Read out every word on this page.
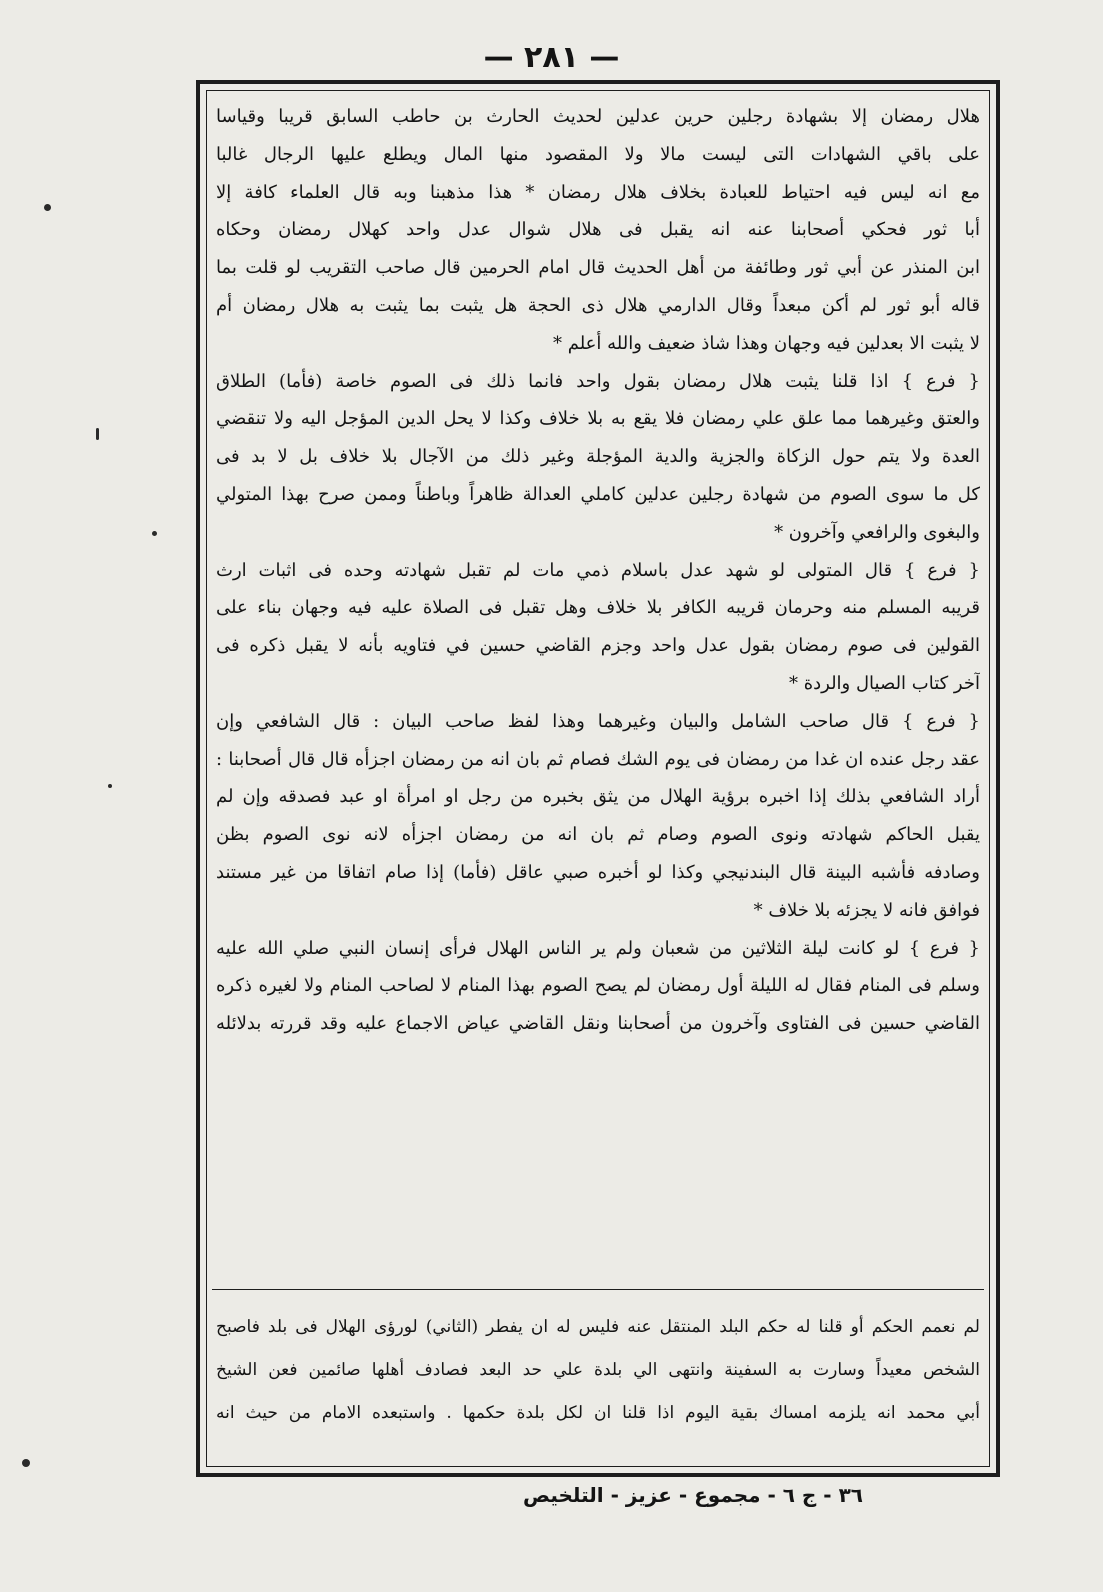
— ٢٨١ —
هلال رمضان إلا بشهادة رجلين حرين عدلين لحديث الحارث بن حاطب السابق قريبا وقياسا
على باقي الشهادات التى ليست مالا ولا المقصود منها المال ويطلع عليها الرجال غالبا
مع انه ليس فيه احتياط للعبادة بخلاف هلال رمضان * هذا مذهبنا وبه قال العلماء كافة إلا
أبا ثور فحكي أصحابنا عنه انه يقبل فى هلال شوال عدل واحد كهلال رمضان وحكاه
ابن المنذر عن أبي ثور وطائفة من أهل الحديث قال امام الحرمين قال صاحب التقريب لو قلت بما
قاله أبو ثور لم أكن مبعداً وقال الدارمي هلال ذى الحجة هل يثبت بما يثبت به هلال رمضان أم
لا يثبت الا بعدلين فيه وجهان وهذا شاذ ضعيف والله أعلم *
{ فرع } اذا قلنا يثبت هلال رمضان بقول واحد فانما ذلك فى الصوم خاصة (فأما) الطلاق
والعتق وغيرهما مما علق علي رمضان فلا يقع به بلا خلاف وكذا لا يحل الدين المؤجل اليه ولا تنقضي
العدة ولا يتم حول الزكاة والجزية والدية المؤجلة وغير ذلك من الآجال بلا خلاف بل لا بد فى
كل ما سوى الصوم من شهادة رجلين عدلين كاملي العدالة ظاهراً وباطناً وممن صرح بهذا المتولي
والبغوى والرافعي وآخرون *
{ فرع } قال المتولى لو شهد عدل باسلام ذمي مات لم تقبل شهادته وحده فى اثبات ارث
قريبه المسلم منه وحرمان قريبه الكافر بلا خلاف وهل تقبل فى الصلاة عليه فيه وجهان بناء على
القولين فى صوم رمضان بقول عدل واحد وجزم القاضي حسين في فتاويه بأنه لا يقبل ذكره فى
آخر كتاب الصيال والردة *
{ فرع } قال صاحب الشامل والبيان وغيرهما وهذا لفظ صاحب البيان : قال الشافعي وإن
عقد رجل عنده ان غدا من رمضان فى يوم الشك فصام ثم بان انه من رمضان اجزأه قال قال أصحابنا :
أراد الشافعي بذلك إذا اخبره برؤية الهلال من يثق بخبره من رجل او امرأة او عبد فصدقه وإن لم
يقبل الحاكم شهادته ونوى الصوم وصام ثم بان انه من رمضان اجزأه لانه نوى الصوم بظن
وصادفه فأشبه البينة قال البندنيجي وكذا لو أخبره صبي عاقل (فأما) إذا صام اتفاقا من غير مستند
فوافق فانه لا يجزئه بلا خلاف *
{ فرع } لو كانت ليلة الثلاثين من شعبان ولم ير الناس الهلال فرأى إنسان النبي صلي الله عليه
وسلم فى المنام فقال له الليلة أول رمضان لم يصح الصوم بهذا المنام لا لصاحب المنام ولا لغيره ذكره
القاضي حسين فى الفتاوى وآخرون من أصحابنا ونقل القاضي عياض الاجماع عليه وقد قررته بدلائله
لم نعمم الحكم أو قلنا له حكم البلد المنتقل عنه فليس له ان يفطر (الثاني) لورؤى الهلال فى بلد فاصبح
الشخص معيداً وسارت به السفينة وانتهى الي بلدة علي حد البعد فصادف أهلها صائمين فعن الشيخ
أبي محمد انه يلزمه امساك بقية اليوم اذا قلنا ان لكل بلدة حكمها . واستبعده الامام من حيث انه
٣٦ - ج ٦ - مجموع - عزيز - التلخيص
